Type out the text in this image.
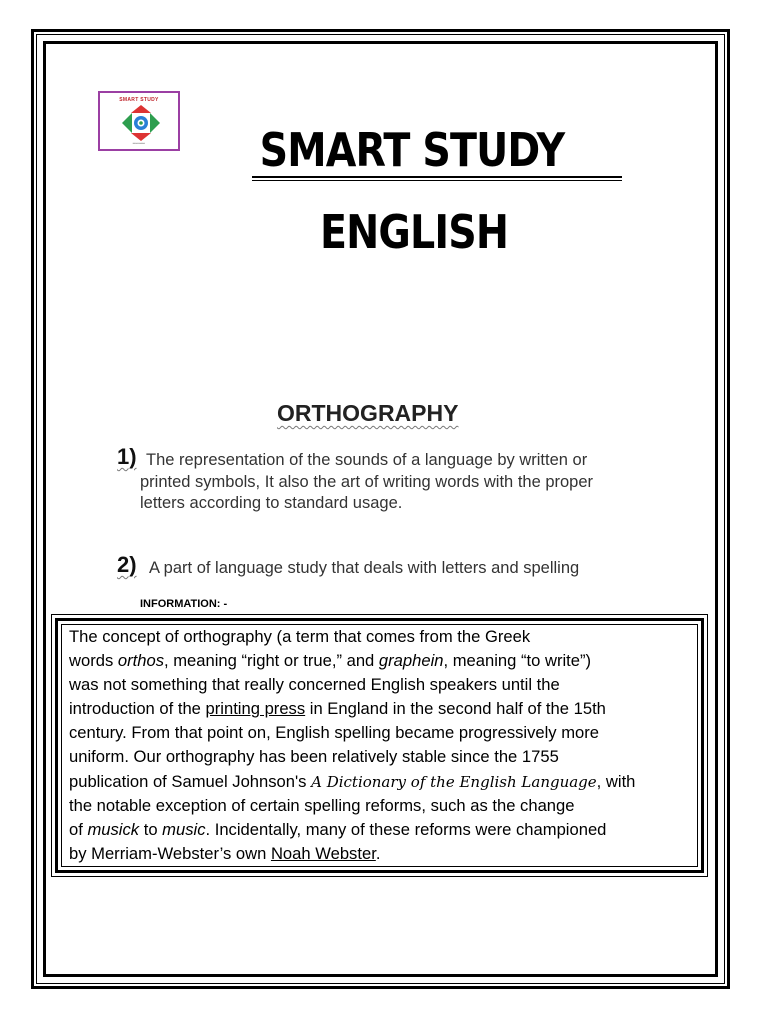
SMART STUDY
▪▪▪▪▪▪▪▪▪▪▪▪▪▪	SMART STUDY
ENGLISH
ORTHOGRAPHY
1) The representation of the sounds of a language by written or
printed symbols, It also the art of writing words with the proper
letters according to standard usage.
2) A part of language study that deals with letters and spelling
INFORMATION: -
The concept of orthography (a term that comes from the Greek
words orthos, meaning “right or true,” and graphein, meaning “to write”)
was not something that really concerned English speakers until the
introduction of the printing press in England in the second half of the 15th
century. From that point on, English spelling became progressively more
uniform. Our orthography has been relatively stable since the 1755
publication of Samuel Johnson's A Dictionary of the English Language, with
the notable exception of certain spelling reforms, such as the change
of musick to music. Incidentally, many of these reforms were championed
by Merriam-Webster’s own Noah Webster.
